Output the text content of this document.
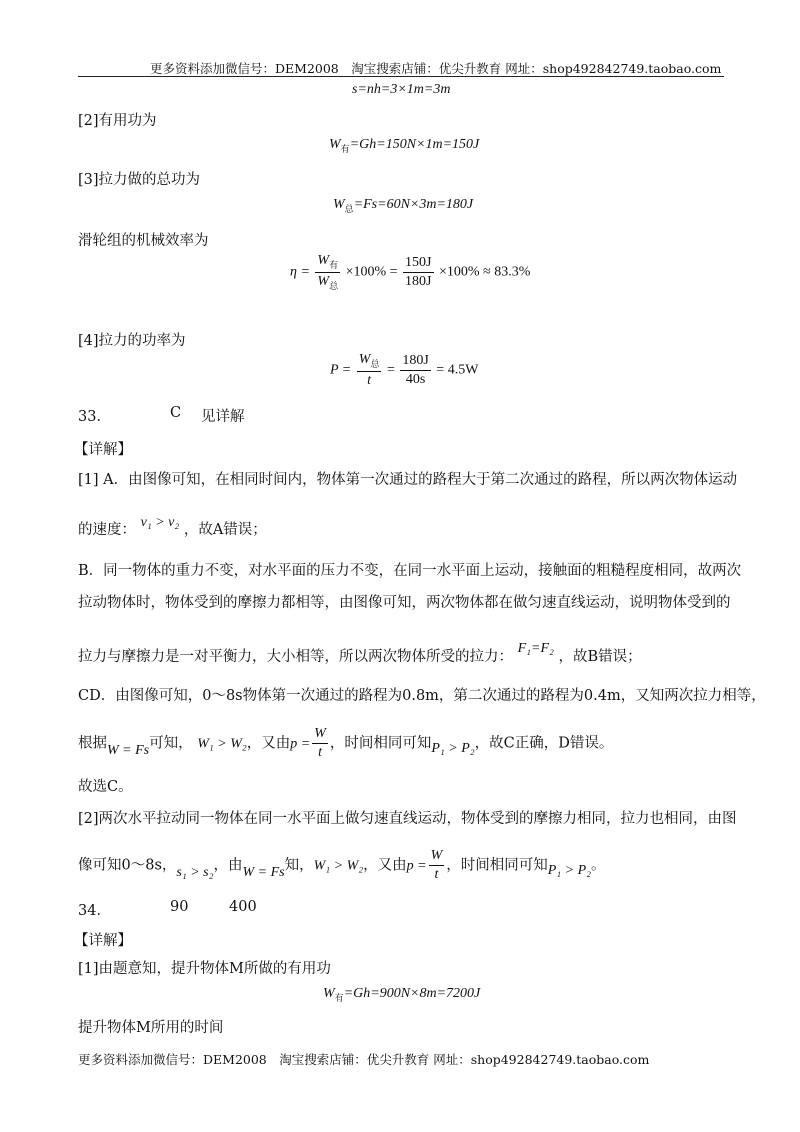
更多资料添加微信号：DEM2008　淘宝搜索店铺：优尖升教育 网址：shop492842749.taobao.com
s=nh=3×1m=3m
[2]有用功为
$W_有=Gh=150N\times 1m=150J$
[3]拉力做的总功为
$W_总=Fs=60N\times 3m=180J$
滑轮组的机械效率为
$\eta = \frac{W_有}{W_总} \times 100\% = \frac{150J}{180J} \times 100\% \approx 83.3\%$
[4]拉力的功率为
$P = \frac{W_总}{t} = \frac{180J}{40s} = 4.5W$
33．	C 见详解
【详解】
[1] A．由图像可知，在相同时间内，物体第一次通过的路程大于第二次通过的路程，所以两次物体运动
的速度： v₁ > v₂ ，故A错误；
B．同一物体的重力不变，对水平面的压力不变，在同一水平面上运动，接触面的粗糙程度相同，故两次
拉动物体时，物体受到的摩擦力都相等，由图像可知，两次物体都在做匀速直线运动，说明物体受到的
拉力与摩擦力是一对平衡力，大小相等，所以两次物体所受的拉力： F₁=F₂ ，故B错误；
CD．由图像可知，0～8s物体第一次通过的路程为0.8m，第二次通过的路程为0.4m，又知两次拉力相等，
根据W = Fs可知， W₁ > W₂，又由$p = \frac{W}{t}$ ，时间相同可知P₁ > P₂，故C正确，D错误。
故选C。
[2]两次水平拉动同一物体在同一水平面上做匀速直线运动，物体受到的摩擦力相同，拉力也相同，由图
像可知0～8s，s₁ > s₂，由W = Fs知，W₁ > W₂，又由$p = \frac{W}{t}$ ，时间相同可知P₁ > P₂。
34．	90	400
【详解】
[1]由题意知，提升物体M所做的有用功
$W_有=Gh=900N\times 8m=7200J$
提升物体M所用的时间
更多资料添加微信号：DEM2008　淘宝搜索店铺：优尖升教育 网址：shop492842749.taobao.com
